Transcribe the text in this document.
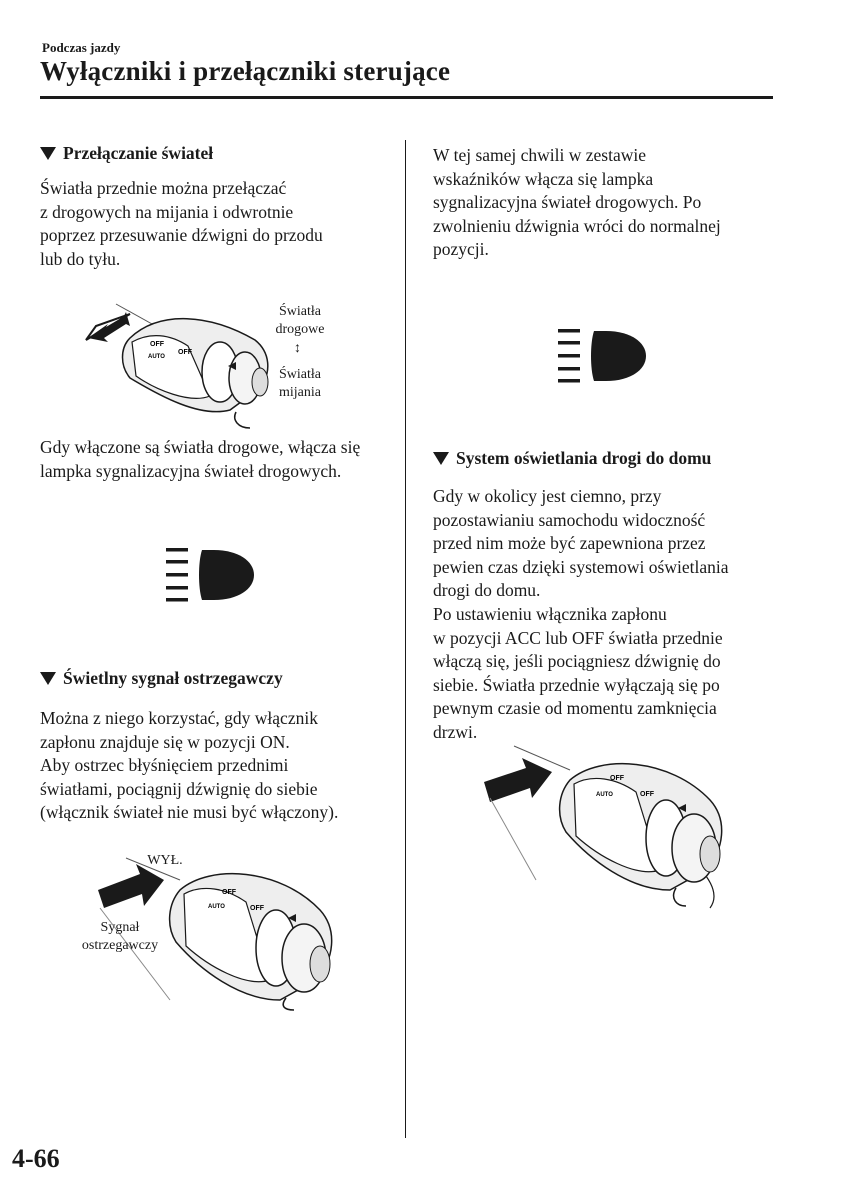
Podczas jazdy
Wyłączniki i przełączniki sterujące
Przełączanie świateł
Światła przednie można przełączać
z drogowych na mijania i odwrotnie
poprzez przesuwanie dźwigni do przodu
lub do tyłu.
OFF
AUTO
OFF
Światła
drogowe
↕
Światła
mijania
Gdy włączone są światła drogowe, włącza się
lampka sygnalizacyjna świateł drogowych.
Świetlny sygnał ostrzegawczy
Można z niego korzystać, gdy włącznik
zapłonu znajduje się w pozycji ON.
Aby ostrzec błyśnięciem przednimi
światłami, pociągnij dźwignię do siebie
(włącznik świateł nie musi być włączony).
OFF
AUTO	OFF
WYŁ.
Sygnał
ostrzegawczy
W tej samej chwili w zestawie
wskaźników włącza się lampka
sygnalizacyjna świateł drogowych. Po
zwolnieniu dźwignia wróci do normalnej
pozycji.
System oświetlania drogi do domu
Gdy w okolicy jest ciemno, przy
pozostawianiu samochodu widoczność
przed nim może być zapewniona przez
pewien czas dzięki systemowi oświetlania
drogi do domu.
Po ustawieniu włącznika zapłonu
w pozycji ACC lub OFF światła przednie
włączą się, jeśli pociągniesz dźwignię do
siebie. Światła przednie wyłączają się po
pewnym czasie od momentu zamknięcia
drzwi.
OFF
AUTO	OFF
4-66
